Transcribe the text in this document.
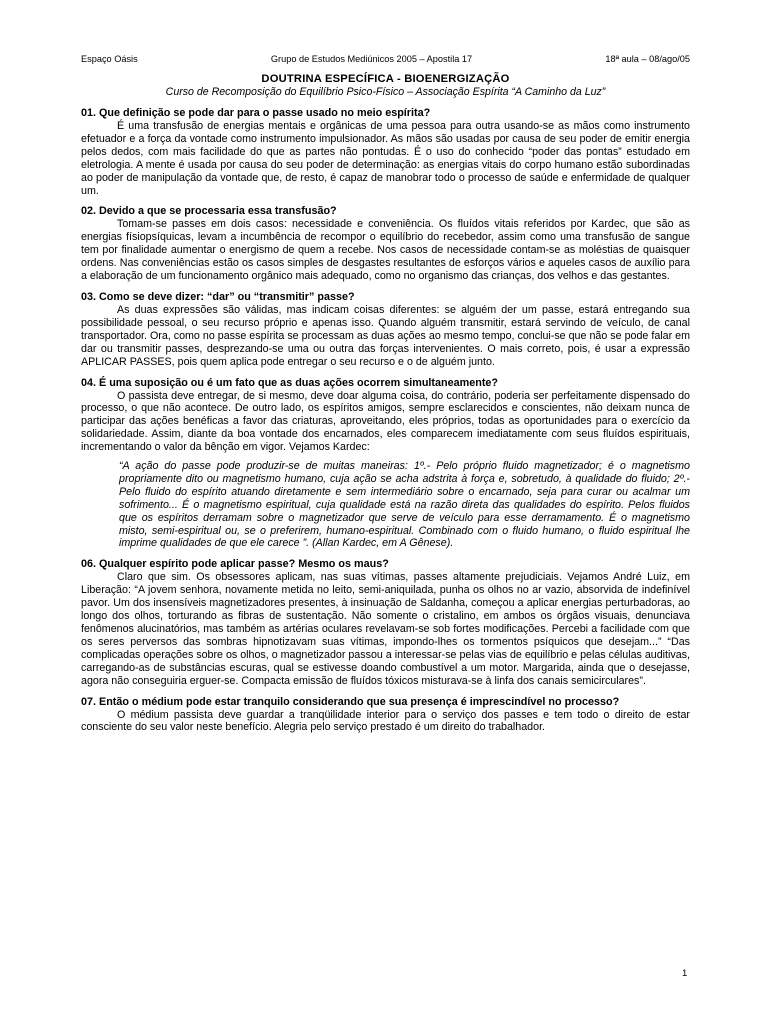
Espaço Oásis	Grupo de Estudos Mediúnicos 2005 – Apostila 17	18ª aula – 08/ago/05
DOUTRINA ESPECÍFICA - BIOENERGIZAÇÃO
Curso de Recomposição do Equilíbrio Psico-Físico – Associação Espírita “A Caminho da Luz”
01. Que definição se pode dar para o passe usado no meio espírita?

É uma transfusão de energias mentais e orgânicas de uma pessoa para outra usando-se as mãos como instrumento efetuador e a força da vontade como instrumento impulsionador. As mãos são usadas por causa de seu poder de emitir energia pelos dedos, com mais facilidade do que as partes não pontudas. É o uso do conhecido “poder das pontas” estudado em eletrologia. A mente é usada por causa do seu poder de determinação: as energias vitais do corpo humano estão subordinadas ao poder de manipulação da vontade que, de resto, é capaz de manobrar todo o processo de saúde e enfermidade de qualquer um.

02. Devido a que se processaria essa transfusão?

Tomam-se passes em dois casos: necessidade e conveniência. Os fluídos vitais referidos por Kardec, que são as energias físiopsíquicas, levam a incumbência de recompor o equilíbrio do recebedor, assim como uma transfusão de sangue tem por finalidade aumentar o energismo de quem a recebe. Nos casos de necessidade contam-se as moléstias de quaisquer ordens. Nas conveniências estão os casos simples de desgastes resultantes de esforços vários e aqueles casos de auxílio para a elaboração de um funcionamento orgânico mais adequado, como no organismo das crianças, dos velhos e das gestantes.

03. Como se deve dizer: “dar” ou “transmitir” passe?

As duas expressões são válidas, mas indicam coisas diferentes: se alguém der um passe, estará entregando sua possibilidade pessoal, o seu recurso próprio e apenas isso. Quando alguém transmitir, estará servindo de veículo, de canal transportador. Ora, como no passe espírita se processam as duas ações ao mesmo tempo, conclui-se que não se pode falar em dar ou transmitir passes, desprezando-se uma ou outra das forças intervenientes. O mais correto, pois, é usar a expressão APLICAR PASSES, pois quem aplica pode entregar o seu recurso e o de alguém junto.

04. É uma suposição ou é um fato que as duas ações ocorrem simultaneamente?

O passista deve entregar, de si mesmo, deve doar alguma coisa, do contrário, poderia ser perfeitamente dispensado do processo, o que não acontece. De outro lado, os espíritos amigos, sempre esclarecidos e conscientes, não deixam nunca de participar das ações benéficas a favor das criaturas, aproveitando, eles próprios, todas as oportunidades para o exercício da solidariedade. Assim, diante da boa vontade dos encarnados, eles comparecem imediatamente com seus fluídos espirituais, incrementando o valor da bênção em vigor. Vejamos Kardec:

“A ação do passe pode produzir-se de muitas maneiras: 1º.- Pelo próprio fluido magnetizador; é o magnetismo propriamente dito ou magnetismo humano, cuja ação se acha adstrita à força e, sobretudo, à qualidade do fluido; 2º.- Pelo fluido do espírito atuando diretamente e sem intermediário sobre o encarnado, seja para curar ou acalmar um sofrimento... É o magnetismo espiritual, cuja qualidade está na razão direta das qualidades do espírito. Pelos fluidos que os espíritos derramam sobre o magnetizador que serve de veículo para esse derramamento. É o magnetismo misto, semi-espiritual ou, se o preferirem, humano-espiritual. Combinado com o fluido humano, o fluido espiritual lhe imprime qualidades de que ele carece ”. (Allan Kardec, em A Gênese).

06. Qualquer espírito pode aplicar passe? Mesmo os maus?

Claro que sim. Os obsessores aplicam, nas suas vítimas, passes altamente prejudiciais. Vejamos André Luiz, em Liberação: “A jovem senhora, novamente metida no leito, semi-aniquilada, punha os olhos no ar vazio, absorvida de indefinível pavor. Um dos insensíveis magnetizadores presentes, à insinuação de Saldanha, começou a aplicar energias perturbadoras, ao longo dos olhos, torturando as fibras de sustentação. Não somente o cristalino, em ambos os órgãos visuais, denunciava fenômenos alucinatórios, mas também as artérias oculares revelavam-se sob fortes modificações. Percebi a facilidade com que os seres perversos das sombras hipnotizavam suas vítimas, impondo-lhes os tormentos psíquicos que desejam...” “Das complicadas operações sobre os olhos, o magnetizador passou a interessar-se pelas vias de equilíbrio e pelas células auditivas, carregando-as de substâncias escuras, qual se estivesse doando combustível a um motor. Margarida, ainda que o desejasse, agora não conseguiria erguer-se. Compacta emissão de fluídos tóxicos misturava-se à linfa dos canais semicirculares”.

07. Então o médium pode estar tranquilo considerando que sua presença é imprescindível no processo?

O médium passista deve guardar a tranqüilidade interior para o serviço dos passes e tem todo o direito de estar consciente do seu valor neste benefício. Alegria pelo serviço prestado é um direito do trabalhador.

1
